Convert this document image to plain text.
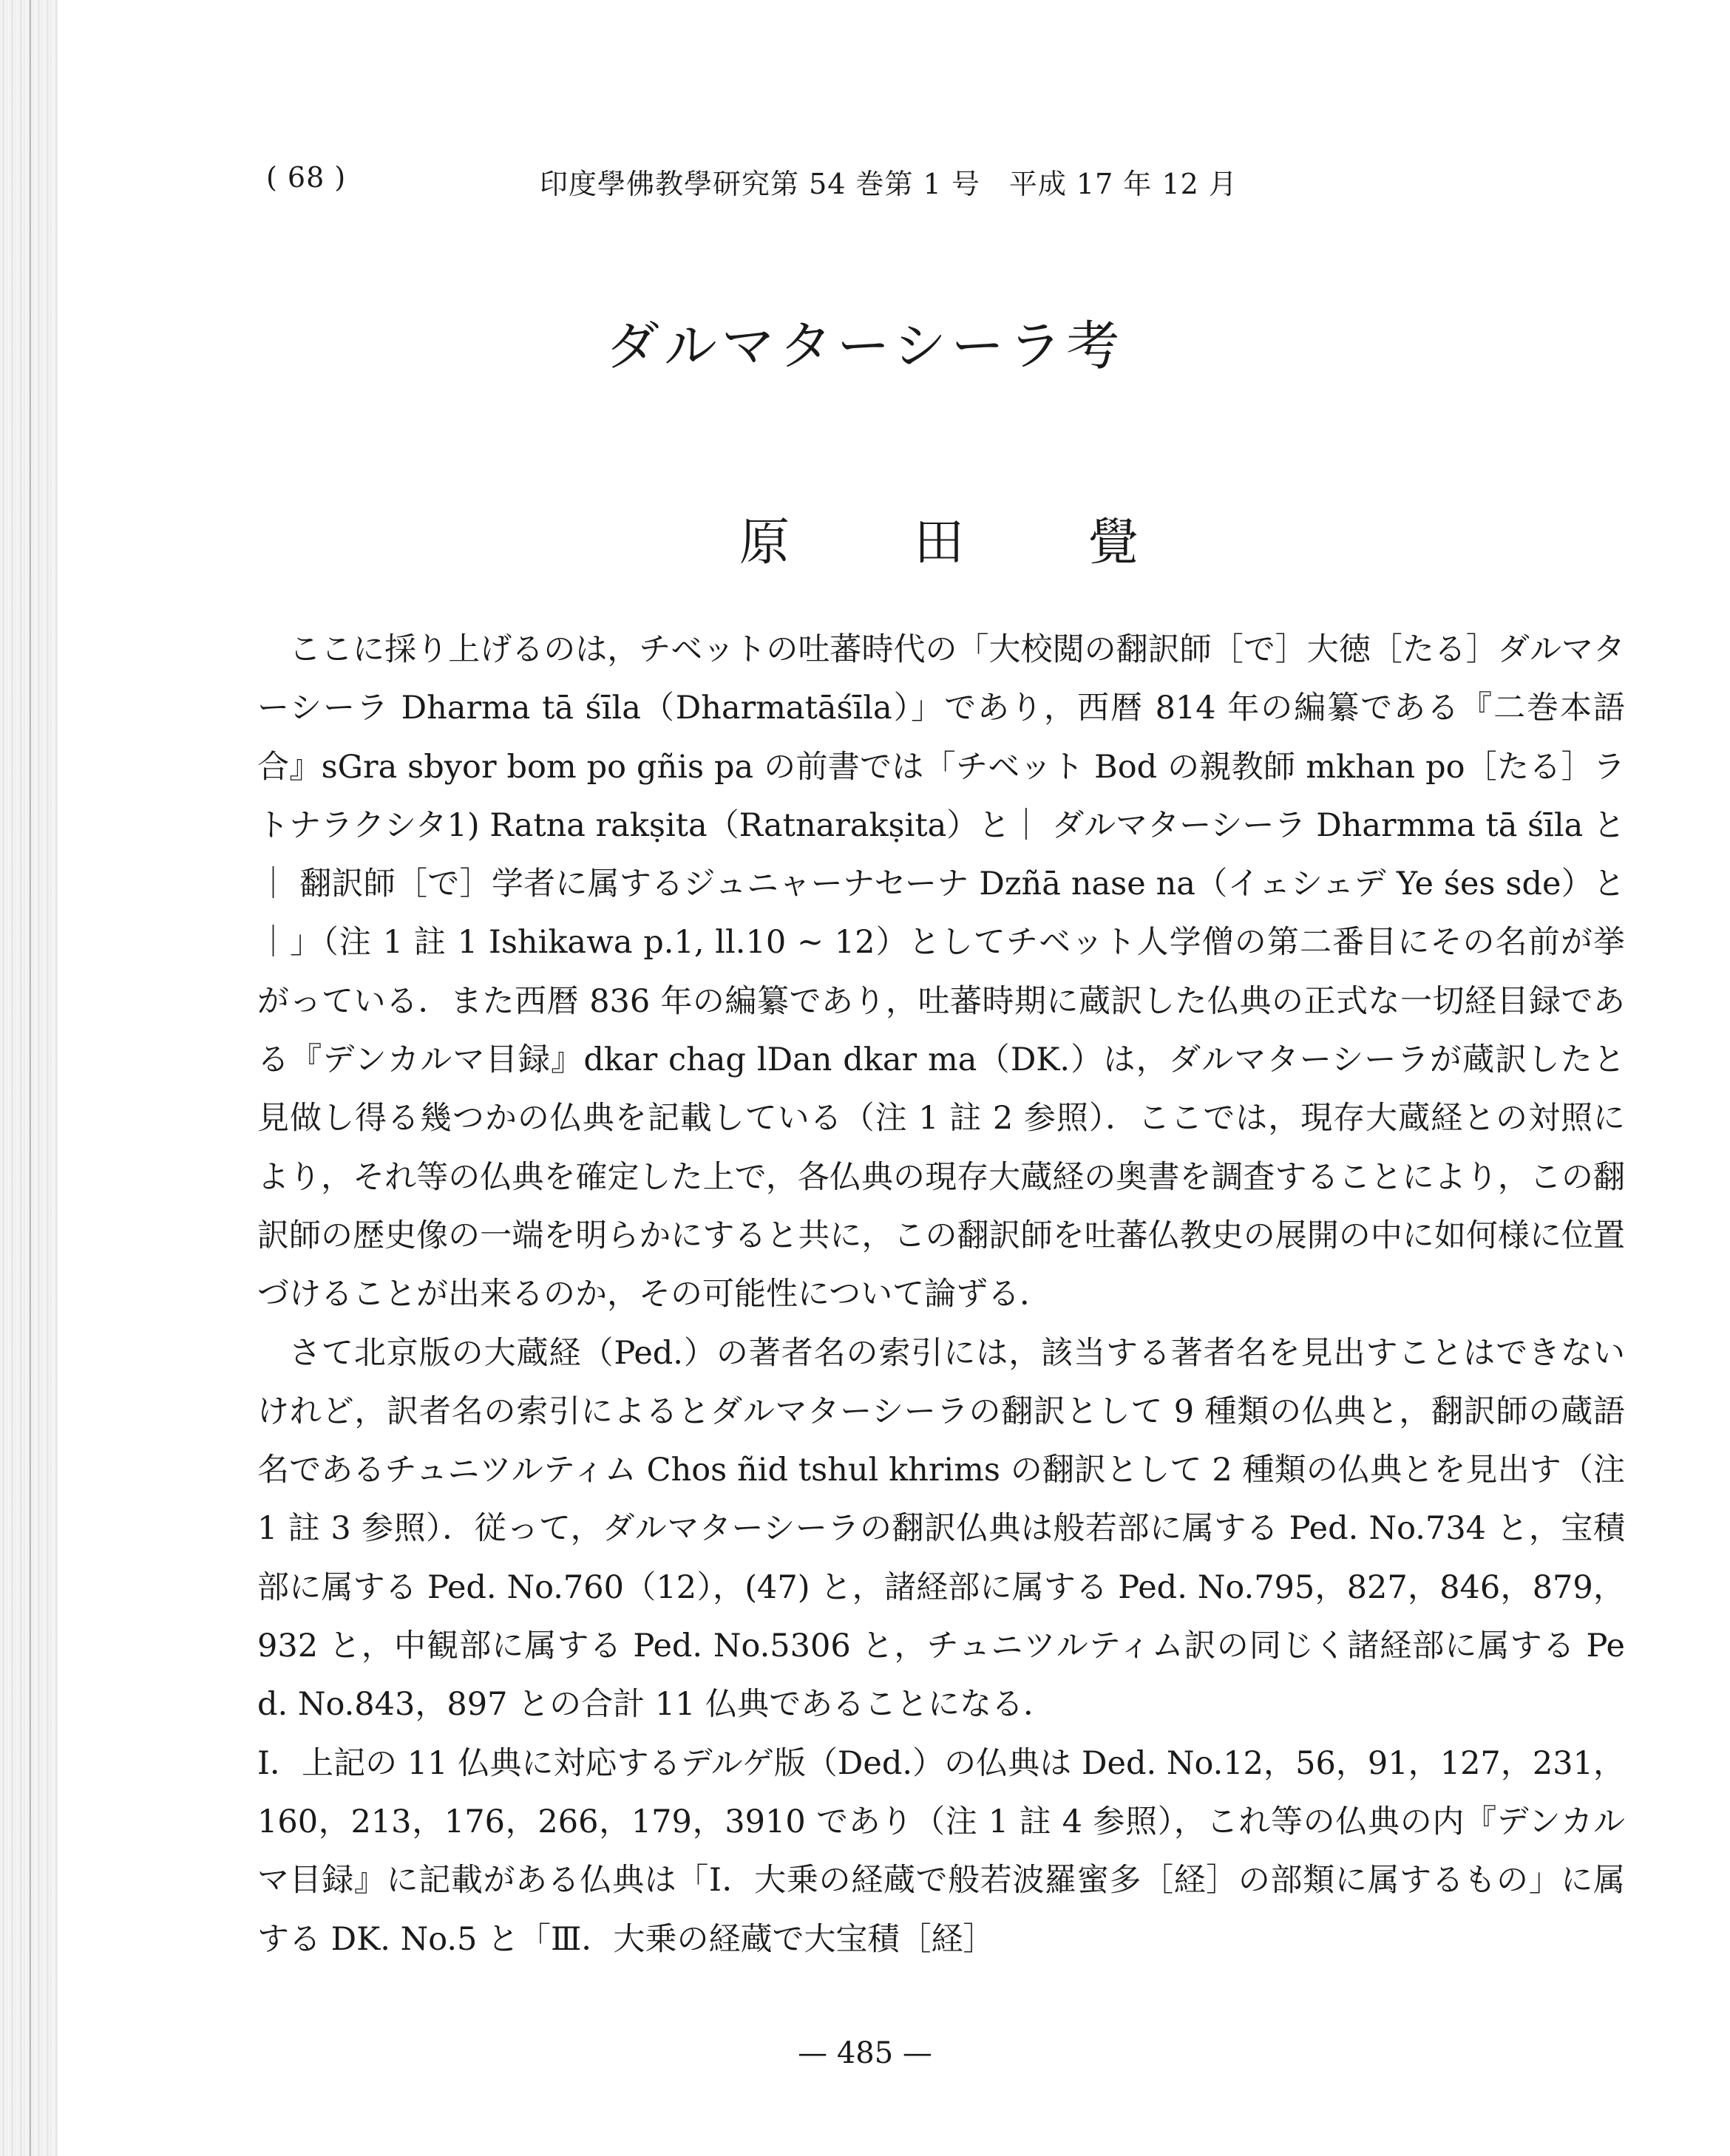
( 68 )	印度學佛教學研究第 54 巻第 1 号　平成 17 年 12 月
ダルマターシーラ考
原 田 覺

ここに採り上げるのは，チベットの吐蕃時代の「大校閲の翻訳師［で］大徳［たる］ダルマターシーラ Dharma tā śīla（Dharmatāśīla）」であり，西暦 814 年の編纂である『二巻本語合』sGra sbyor bom po gñis pa の前書では「チベット Bod の親教師 mkhan po［たる］ラトナラクシタ1) Ratna rakṣita（Ratnarakṣita）と｜ ダルマターシーラ Dharmma tā śīla と｜ 翻訳師［で］学者に属するジュニャーナセーナ Dzñā nase na（イェシェデ Ye śes sde）と｜」（注 1 註 1 Ishikawa p.1, ll.10 ~ 12）としてチベット人学僧の第二番目にその名前が挙がっている．また西暦 836 年の編纂であり，吐蕃時期に蔵訳した仏典の正式な一切経目録である『デンカルマ目録』dkar chag lDan dkar ma（DK.）は，ダルマターシーラが蔵訳したと見做し得る幾つかの仏典を記載している（注 1 註 2 参照）．ここでは，現存大蔵経との対照により，それ等の仏典を確定した上で，各仏典の現存大蔵経の奥書を調査することにより，この翻訳師の歴史像の一端を明らかにすると共に，この翻訳師を吐蕃仏教史の展開の中に如何様に位置づけることが出来るのか，その可能性について論ずる．

さて北京版の大蔵経（Ped.）の著者名の索引には，該当する著者名を見出すことはできないけれど，訳者名の索引によるとダルマターシーラの翻訳として 9 種類の仏典と，翻訳師の蔵語名であるチュニツルティム Chos ñid tshul khrims の翻訳として 2 種類の仏典とを見出す（注 1 註 3 参照）．従って，ダルマターシーラの翻訳仏典は般若部に属する Ped. No.734 と，宝積部に属する Ped. No.760（12），(47) と，諸経部に属する Ped. No.795，827，846，879，932 と，中観部に属する Ped. No.5306 と，チュニツルティム訳の同じく諸経部に属する Ped. No.843，897 との合計 11 仏典であることになる．

Ⅰ．上記の 11 仏典に対応するデルゲ版（Ded.）の仏典は Ded. No.12，56，91，127，231，160，213，176，266，179，3910 であり（注 1 註 4 参照），これ等の仏典の内『デンカルマ目録』に記載がある仏典は「Ⅰ．大乗の経蔵で般若波羅蜜多［経］の部類に属するもの」に属する DK. No.5 と「Ⅲ．大乗の経蔵で大宝積［経］

— 485 —
